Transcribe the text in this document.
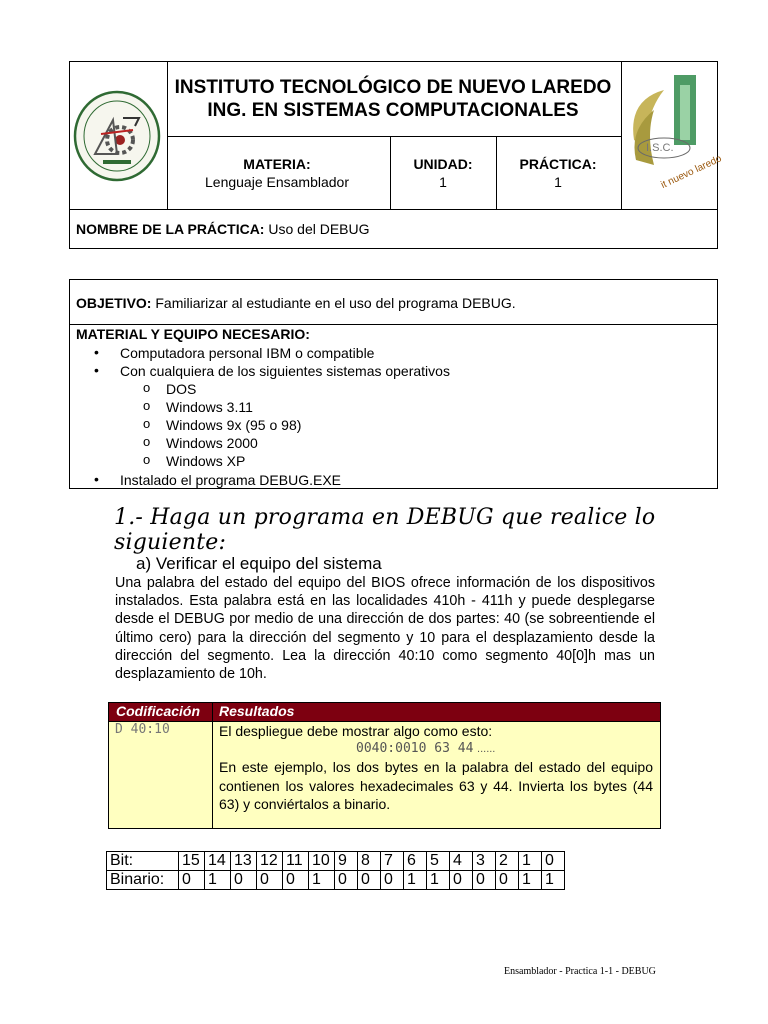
INSTITUTO TECNOLÓGICO DE NUEVO LAREDO
ING. EN SISTEMAS COMPUTACIONALES
MATERIA:
Lenguaje Ensamblador
UNIDAD:
1
PRÁCTICA:
1
I.S.C.
it nuevo laredo
NOMBRE DE LA PRÁCTICA: Uso del DEBUG
OBJETIVO: Familiarizar al estudiante en el uso del programa DEBUG.
MATERIAL Y EQUIPO NECESARIO:
• Computadora personal IBM o compatible
• Con cualquiera de los siguientes sistemas operativos
o DOS
o Windows 3.11
o Windows 9x (95 o 98)
o Windows 2000
o Windows XP
• Instalado el programa DEBUG.EXE
1.- Haga un programa en DEBUG que realice lo siguiente:
a) Verificar el equipo del sistema
Una palabra del estado del equipo del BIOS ofrece información de los dispositivos instalados. Esta palabra está en las localidades 410h - 411h y puede desplegarse desde el DEBUG por medio de una dirección de dos partes: 40 (se sobreentiende el último cero) para la dirección del segmento y 10 para el desplazamiento desde la dirección del segmento. Lea la dirección 40:10 como segmento 40[0]h mas un desplazamiento de 10h.
Codificación Resultados
D 40:10	El despliegue debe mostrar algo como esto:
0040:0010 63 44 ......
En este ejemplo, los dos bytes en la palabra del estado del equipo contienen los valores hexadecimales 63 y 44. Invierta los bytes (44 63) y conviértalos a binario.
Bit:	15	14	13	12	11	10	9	8	7	6	5	4	3	2	1	0
Binario:	0	1	0	0	0	1	0	0	0	1	1	0	0	0	1	1
Ensamblador - Practica 1-1 - DEBUG
